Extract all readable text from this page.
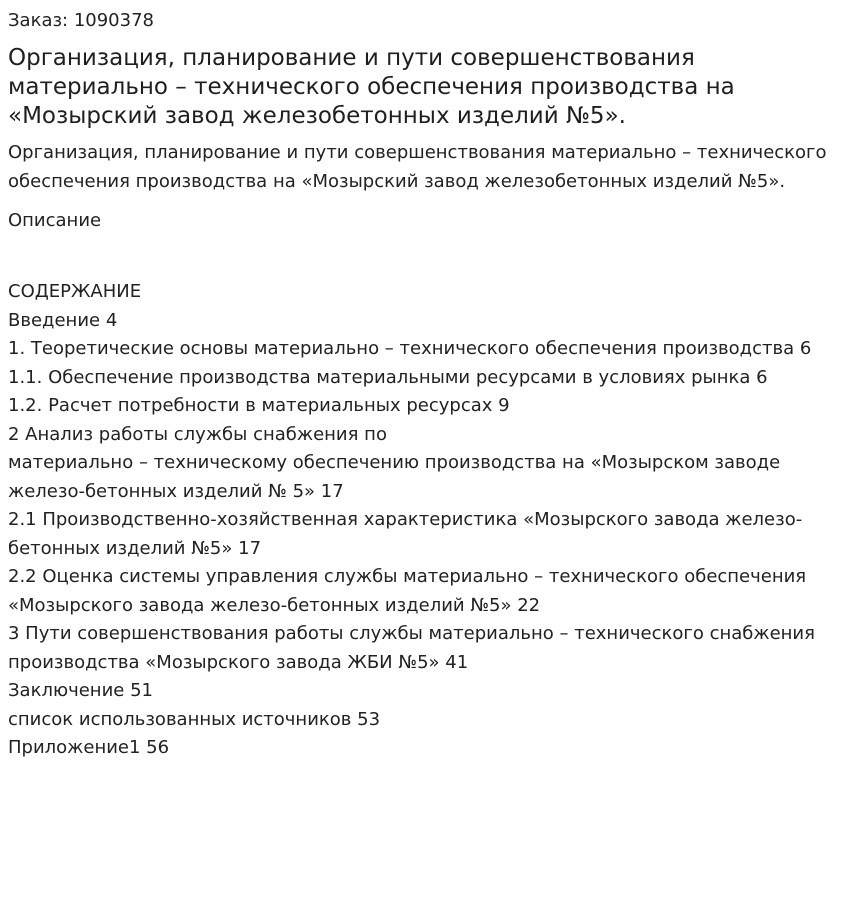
Заказ: 1090378
Организация, планирование и пути совершенствования материально – технического обеспечения производства на «Мозырский завод железобетонных изделий №5».

Организация, планирование и пути совершенствования материально – технического обеспечения производства на «Мозырский завод железобетонных изделий №5».

Описание
СОДЕРЖАНИЕ
Введение 4
1. Теоретические основы материально – технического обеспечения производства 6
1.1. Обеспечение производства материальными ресурсами в условиях рынка 6
1.2. Расчет потребности в материальных ресурсах 9
2 Анализ работы службы снабжения по
материально – техническому обеспечению производства на «Мозырском заводе железо-бетонных изделий № 5» 17
2.1 Производственно-хозяйственная характеристика «Мозырского завода железо-бетонных изделий №5» 17
2.2 Оценка системы управления службы материально – технического обеспечения «Мозырского завода железо-бетонных изделий №5» 22
3 Пути совершенствования работы службы материально – технического снабжения производства «Мозырского завода ЖБИ №5» 41
Заключение 51
список использованных источников 53
Приложение1 56
